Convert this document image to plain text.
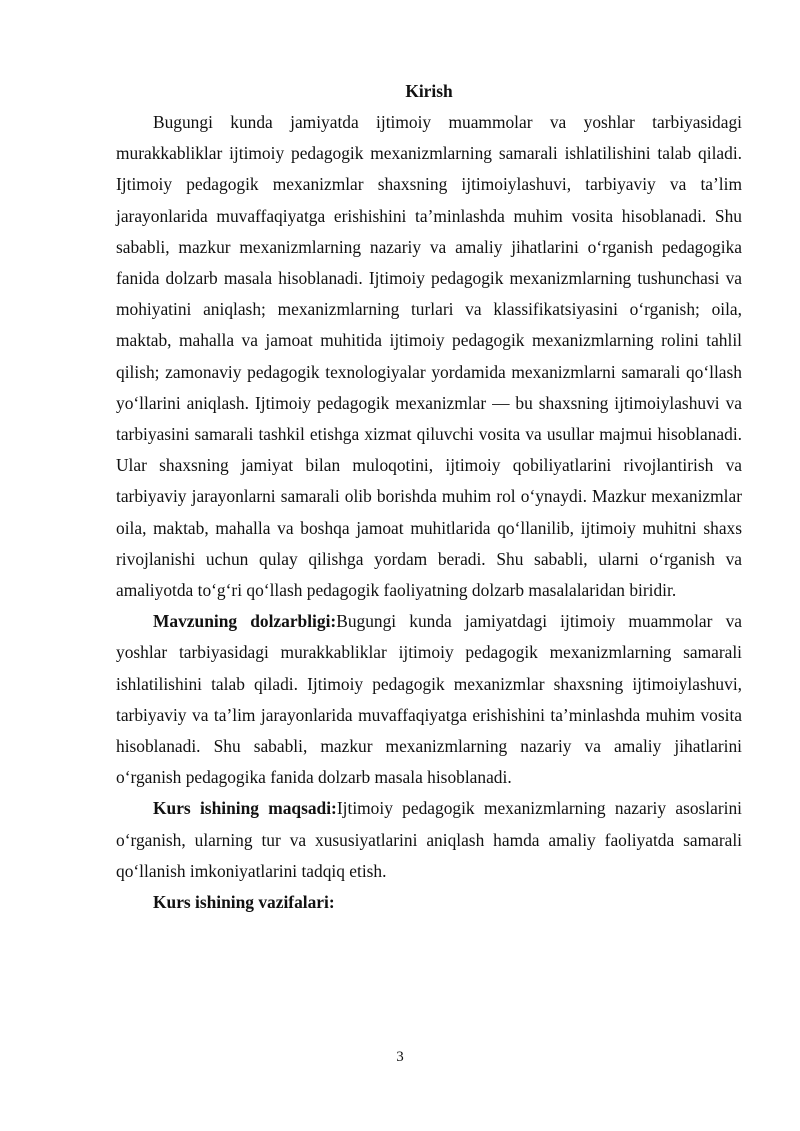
Kirish

Bugungi kunda jamiyatda ijtimoiy muammolar va yoshlar tarbiyasidagi murakkabliklar ijtimoiy pedagogik mexanizmlarning samarali ishlatilishini talab qiladi. Ijtimoiy pedagogik mexanizmlar shaxsning ijtimoiylashuvi, tarbiyaviy va ta’lim jarayonlarida muvaffaqiyatga erishishini ta’minlashda muhim vosita hisoblanadi. Shu sababli, mazkur mexanizmlarning nazariy va amaliy jihatlarini o‘rganish pedagogika fanida dolzarb masala hisoblanadi. Ijtimoiy pedagogik mexanizmlarning tushunchasi va mohiyatini aniqlash; mexanizmlarning turlari va klassifikatsiyasini o‘rganish; oila, maktab, mahalla va jamoat muhitida ijtimoiy pedagogik mexanizmlarning rolini tahlil qilish; zamonaviy pedagogik texnologiyalar yordamida mexanizmlarni samarali qo‘llash yo‘llarini aniqlash. Ijtimoiy pedagogik mexanizmlar — bu shaxsning ijtimoiylashuvi va tarbiyasini samarali tashkil etishga xizmat qiluvchi vosita va usullar majmui hisoblanadi. Ular shaxsning jamiyat bilan muloqotini, ijtimoiy qobiliyatlarini rivojlantirish va tarbiyaviy jarayonlarni samarali olib borishda muhim rol o‘ynaydi. Mazkur mexanizmlar oila, maktab, mahalla va boshqa jamoat muhitlarida qo‘llanilib, ijtimoiy muhitni shaxs rivojlanishi uchun qulay qilishga yordam beradi. Shu sababli, ularni o‘rganish va amaliyotda to‘g‘ri qo‘llash pedagogik faoliyatning dolzarb masalalaridan biridir.

Mavzuning dolzarbligi:Bugungi kunda jamiyatdagi ijtimoiy muammolar va yoshlar tarbiyasidagi murakkabliklar ijtimoiy pedagogik mexanizmlarning samarali ishlatilishini talab qiladi. Ijtimoiy pedagogik mexanizmlar shaxsning ijtimoiylashuvi, tarbiyaviy va ta’lim jarayonlarida muvaffaqiyatga erishishini ta’minlashda muhim vosita hisoblanadi. Shu sababli, mazkur mexanizmlarning nazariy va amaliy jihatlarini o‘rganish pedagogika fanida dolzarb masala hisoblanadi.

Kurs ishining maqsadi:Ijtimoiy pedagogik mexanizmlarning nazariy asoslarini o‘rganish, ularning tur va xususiyatlarini aniqlash hamda amaliy faoliyatda samarali qo‘llanish imkoniyatlarini tadqiq etish.

Kurs ishining vazifalari:

3
